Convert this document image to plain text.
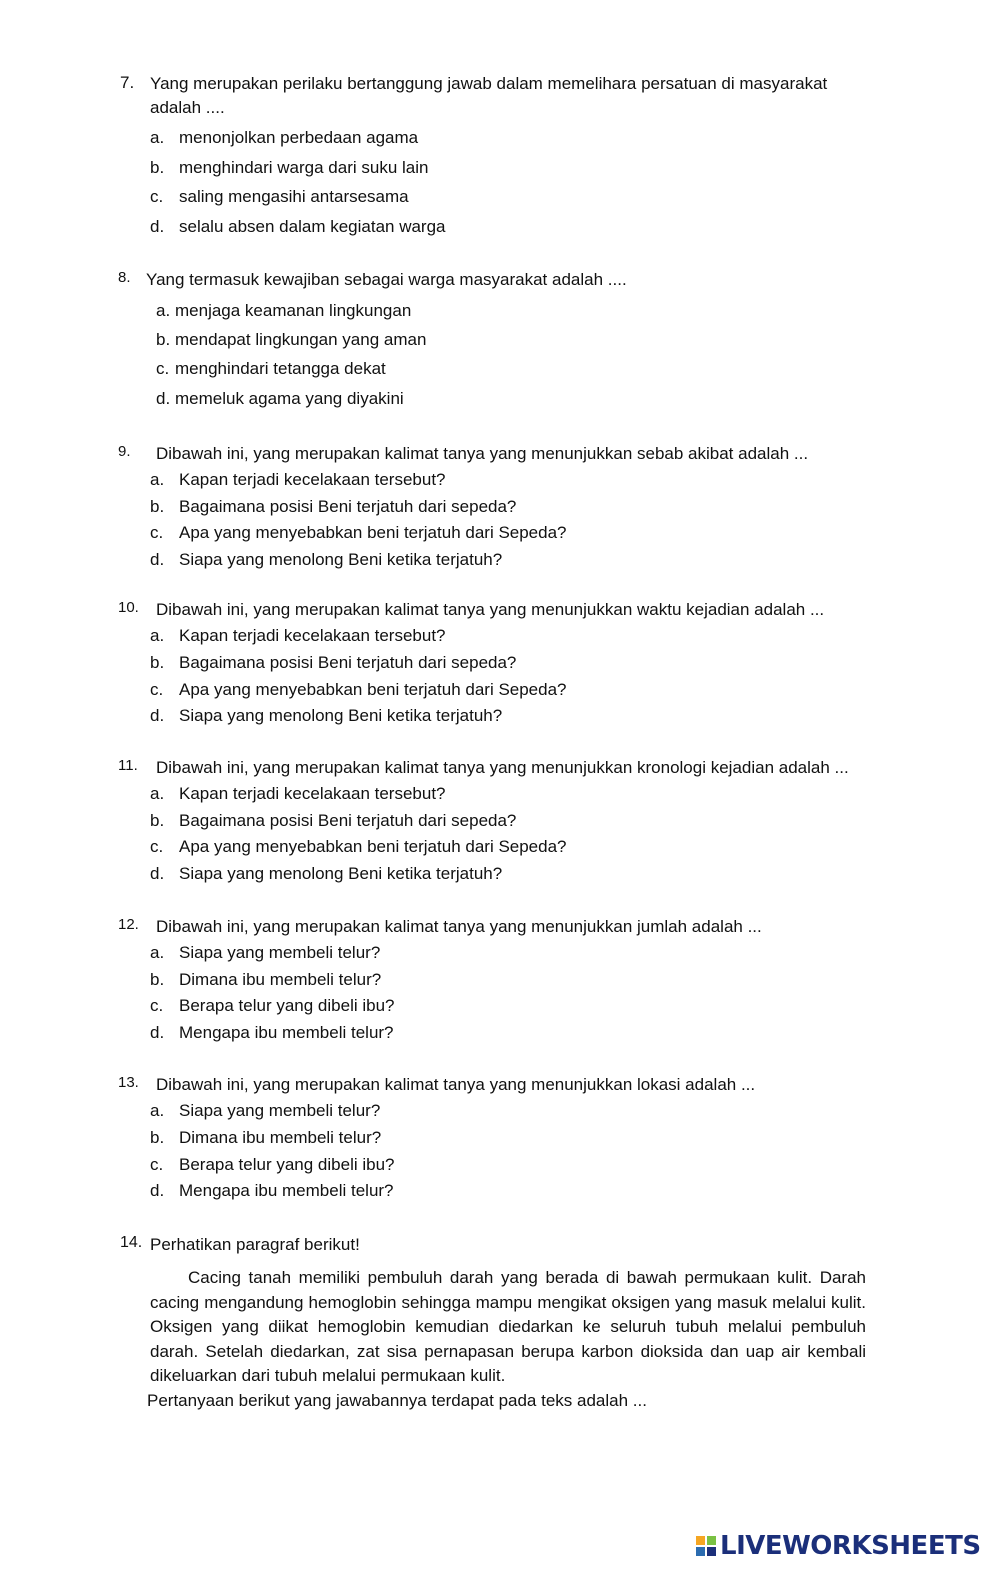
7. Yang merupakan perilaku bertanggung jawab dalam memelihara persatuan di masyarakat
adalah ....
a. menonjolkan perbedaan agama
b. menghindari warga dari suku lain
c. saling mengasihi antarsesama
d. selalu absen dalam kegiatan warga
8. Yang termasuk kewajiban sebagai warga masyarakat adalah ....
a. menjaga keamanan lingkungan
b. mendapat lingkungan yang aman
c. menghindari tetangga dekat
d. memeluk agama yang diyakini
9. Dibawah ini, yang merupakan kalimat tanya yang menunjukkan sebab akibat adalah ...
a. Kapan terjadi kecelakaan tersebut?
b. Bagaimana posisi Beni terjatuh dari sepeda?
c. Apa yang menyebabkan beni terjatuh dari Sepeda?
d. Siapa yang menolong Beni ketika terjatuh?
10. Dibawah ini, yang merupakan kalimat tanya yang menunjukkan waktu kejadian adalah ...
a. Kapan terjadi kecelakaan tersebut?
b. Bagaimana posisi Beni terjatuh dari sepeda?
c. Apa yang menyebabkan beni terjatuh dari Sepeda?
d. Siapa yang menolong Beni ketika terjatuh?
11. Dibawah ini, yang merupakan kalimat tanya yang menunjukkan kronologi kejadian adalah ...
a. Kapan terjadi kecelakaan tersebut?
b. Bagaimana posisi Beni terjatuh dari sepeda?
c. Apa yang menyebabkan beni terjatuh dari Sepeda?
d. Siapa yang menolong Beni ketika terjatuh?
12. Dibawah ini, yang merupakan kalimat tanya yang menunjukkan jumlah adalah ...
a. Siapa yang membeli telur?
b. Dimana ibu membeli telur?
c. Berapa telur yang dibeli ibu?
d. Mengapa ibu membeli telur?
13. Dibawah ini, yang merupakan kalimat tanya yang menunjukkan lokasi adalah ...
a. Siapa yang membeli telur?
b. Dimana ibu membeli telur?
c. Berapa telur yang dibeli ibu?
d. Mengapa ibu membeli telur?
14. Perhatikan paragraf berikut!
Cacing tanah memiliki pembuluh darah yang berada di bawah permukaan kulit. Darah cacing mengandung hemoglobin sehingga mampu mengikat oksigen yang masuk melalui kulit. Oksigen yang diikat hemoglobin kemudian diedarkan ke seluruh tubuh melalui pembuluh darah. Setelah diedarkan, zat sisa pernapasan berupa karbon dioksida dan uap air kembali dikeluarkan dari tubuh melalui permukaan kulit.
Pertanyaan berikut yang jawabannya terdapat pada teks adalah ...
LIVEWORKSHEETS
